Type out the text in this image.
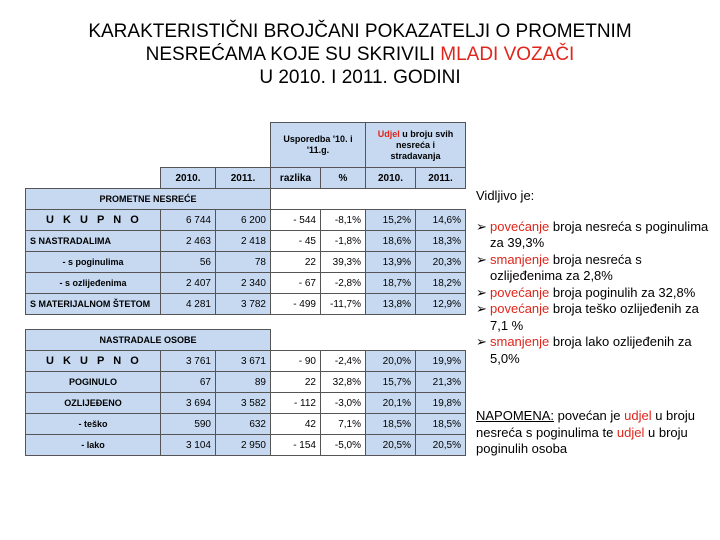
KARAKTERISTIČNI BROJČANI POKAZATELJI O PROMETNIM
NESREĆAMA KOJE SU SKRIVILI MLADI VOZAČI
U 2010. I 2011. GODINI
			Usporedba '10. i '11.g.		Udjel u broju svih nesreća i stradavanja	
	2010.	2011.	razlika	%	2010.	2011.
PROMETNE NESREĆE						
U K U P N O	6 744	6 200	- 544	-8,1%	15,2%	14,6%
S NASTRADALIMA	2 463	2 418	- 45	-1,8%	18,6%	18,3%
- s poginulima	56	78	22	39,3%	13,9%	20,3%
- s ozlijeđenima	2 407	2 340	- 67	-2,8%	18,7%	18,2%
S MATERIJALNOM ŠTETOM	4 281	3 782	- 499	-11,7%	13,8%	12,9%

NASTRADALE OSOBE						
U K U P N O	3 761	3 671	- 90	-2,4%	20,0%	19,9%
POGINULO	67	89	22	32,8%	15,7%	21,3%
OZLIJEĐENO	3 694	3 582	- 112	-3,0%	20,1%	19,8%
- teško	590	632	42	7,1%	18,5%	18,5%
- lako	3 104	2 950	- 154	-5,0%	20,5%	20,5%
Vidljivo je:
➢ povećanje broja nesreća s poginulima za 39,3%
➢ smanjenje broja nesreća s ozlijeđenima za 2,8%
➢ povećanje broja poginulih za 32,8%
➢ povećanje broja teško ozlijeđenih za 7,1 %
➢ smanjenje broja lako ozlijeđenih za 5,0%
NAPOMENA: povećan je udjel u broju nesreća s poginulima te udjel u broju poginulih osoba
